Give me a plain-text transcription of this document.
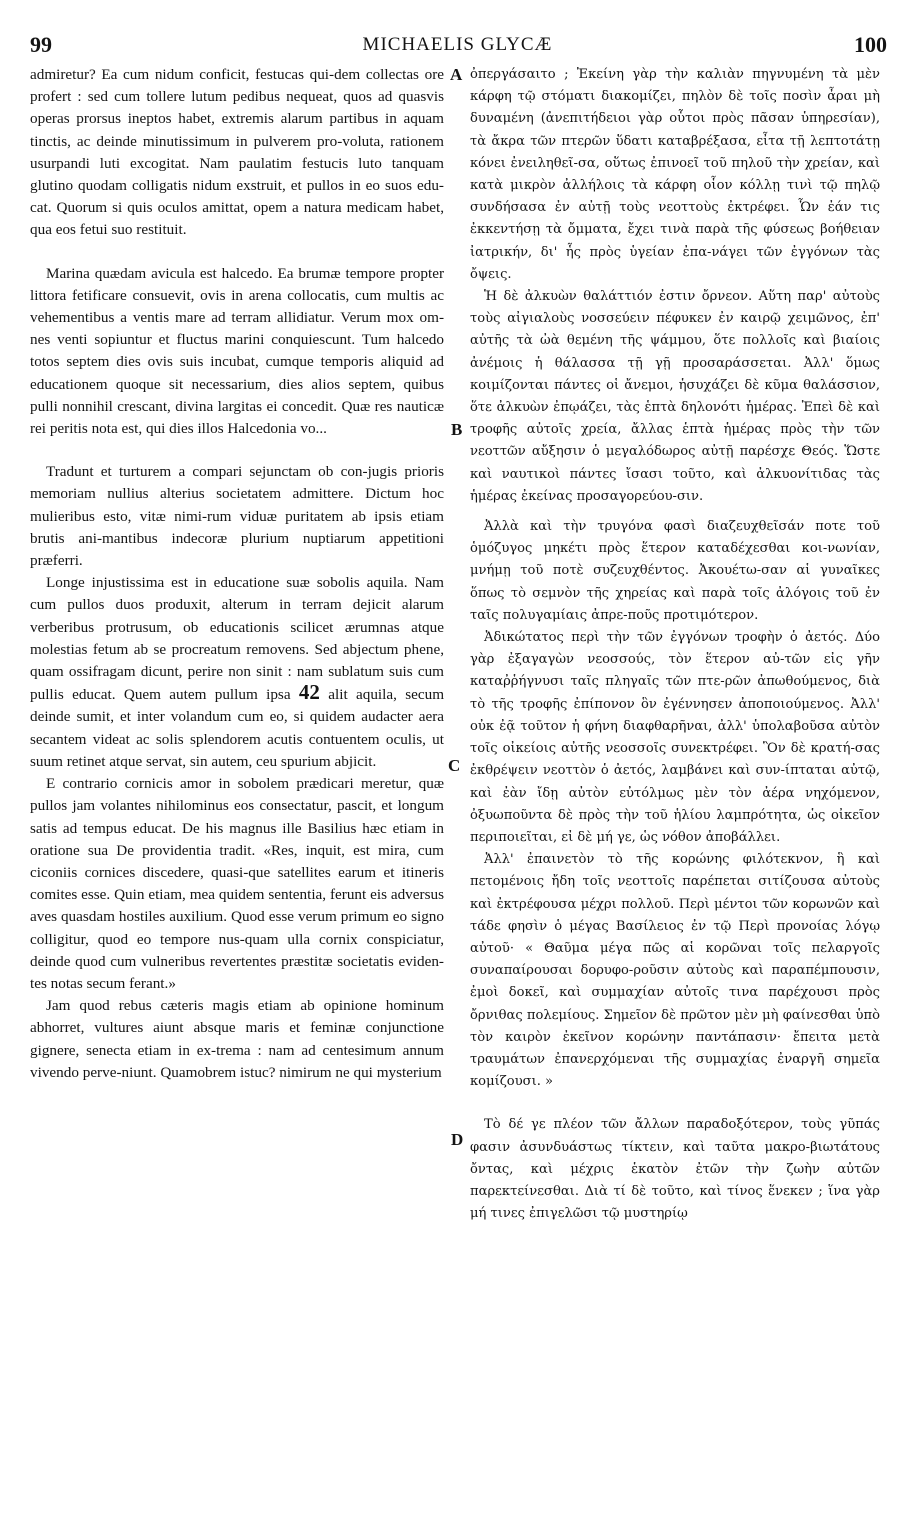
99	MICHAELIS GLYCÆ	100
A
B
C
D

admiretur? Ea cum nidum conficit, festucas qui-dem collectas ore profert : sed cum tollere lutum pedibus nequeat, quos ad quasvis operas prorsus ineptos habet, extremis alarum partibus in aquam tinctis, ac deinde minutissimum in pulverem pro-voluta, rationem usurpandi luti excogitat. Nam paulatim festucis luto tanquam glutino quodam colligatis nidum exstruit, et pullos in eo suos edu-cat. Quorum si quis oculos amittat, opem a natura medicam habet, qua eos fetui suo restituit.

Marina quædam avicula est halcedo. Ea brumæ tempore propter littora fetificare consuevit, ovis in arena collocatis, cum multis ac vehementibus a ventis mare ad terram allidiatur. Verum mox om-nes venti sopiuntur et fluctus marini conquiescunt. Tum halcedo totos septem dies ovis suis incubat, cumque temporis aliquid ad educationem quoque sit necessarium, dies alios septem, quibus pulli nonnihil crescant, divina largitas ei concedit. Quæ res nauticæ rei peritis nota est, qui dies illos Halcedonia vo...

Tradunt et turturem a compari sejunctam ob con-jugis prioris memoriam nullius alterius societatem admittere. Dictum hoc mulieribus esto, vitæ nimi-rum viduæ puritatem ab ipsis etiam brutis ani-mantibus indecoræ plurium nuptiarum appetitioni præferri.

Longe injustissima est in educatione suæ sobolis aquila. Nam cum pullos duos produxit, alterum in terram dejicit alarum verberibus protrusum, ob educationis scilicet ærumnas atque molestias fetum ab se procreatum removens. Sed abjectum phene, quam ossifragam dicunt, perire non sinit : nam sublatum suis cum pullis educat. Quem autem pullum ipsa 42 alit aquila, secum deinde sumit, et inter volandum cum eo, si quidem audacter aera secantem videat ac solis splendorem acutis contuentem oculis, ut suum retinet atque servat, sin autem, ceu spurium abjicit.

E contrario cornicis amor in sobolem prædicari meretur, quæ pullos jam volantes nihilominus eos consectatur, pascit, et longum satis ad tempus educat. De his magnus ille Basilius hæc etiam in oratione sua De providentia tradit. «Res, inquit, est mira, cum ciconiis cornices discedere, quasi-que satellites earum et itineris comites esse. Quin etiam, mea quidem sententia, ferunt eis adversus aves quasdam hostiles auxilium. Quod esse verum primum eo signo colligitur, quod eo tempore nus-quam ulla cornix conspiciatur, deinde quod cum vulneribus revertentes præstitæ societatis eviden-tes notas secum ferant.»

Jam quod rebus cæteris magis etiam ab opinione hominum abhorret, vultures aiunt absque maris et feminæ conjunctione gignere, senecta etiam in ex-trema : nam ad centesimum annum vivendo perve-niunt. Quamobrem istuc? nimirum ne qui mysterium

ὀπεργάσαιτο ; Ἐκείνη γὰρ τὴν καλιὰν πηγνυμένη τὰ μὲν κάρφη τῷ στόματι διακομίζει, πηλὸν δὲ τοῖς ποσὶν ἆραι μὴ δυναμένη (ἀνεπιτήδειοι γὰρ οὗτοι πρὸς πᾶσαν ὑπηρεσίαν), τὰ ἄκρα τῶν πτερῶν ὕδατι καταβρέξασα, εἶτα τῇ λεπτοτάτῃ κόνει ἐνειληθεῖ-σα, οὕτως ἐπινοεῖ τοῦ πηλοῦ τὴν χρείαν, καὶ κατὰ μικρὸν ἀλλήλοις τὰ κάρφη οἷον κόλλῃ τινὶ τῷ πηλῷ συνδήσασα ἐν αὐτῇ τοὺς νεοττοὺς ἐκτρέφει. Ὧν ἐάν τις ἐκκεντήσῃ τὰ ὄμματα, ἔχει τινὰ παρὰ τῆς φύσεως βοήθειαν ἰατρικήν, δι' ἧς πρὸς ὑγείαν ἐπα-νάγει τῶν ἐγγόνων τὰς ὄψεις.

Ἡ δὲ ἀλκυὼν θαλάττιόν ἐστιν ὄρνεον. Αὕτη παρ' αὐτοὺς τοὺς αἰγιαλοὺς νοσσεύειν πέφυκεν ἐν καιρῷ χειμῶνος, ἐπ' αὐτῆς τὰ ὠὰ θεμένη τῆς ψάμμου, ὅτε πολλοῖς καὶ βιαίοις ἀνέμοις ἡ θάλασσα τῇ γῇ προσαράσσεται. Ἀλλ' ὅμως κοιμίζονται πάντες οἱ ἄνεμοι, ἡσυχάζει δὲ κῦμα θαλάσσιον, ὅτε ἀλκυὼν ἐπῳάζει, τὰς ἑπτὰ δηλονότι ἡμέρας. Ἐπεὶ δὲ καὶ τροφῆς αὐτοῖς χρεία, ἄλλας ἑπτὰ ἡμέρας πρὸς τὴν τῶν νεοττῶν αὔξησιν ὁ μεγαλόδωρος αὐτῇ παρέσχε Θεός. Ὥστε καὶ ναυτικοὶ πάντες ἴσασι τοῦτο, καὶ ἀλκυονίτιδας τὰς ἡμέρας ἐκείνας προσαγορεύου-σιν.

Ἀλλὰ καὶ τὴν τρυγόνα φασὶ διαζευχθεῖσάν ποτε τοῦ ὁμόζυγος μηκέτι πρὸς ἕτερον καταδέχεσθαι κοι-νωνίαν, μνήμῃ τοῦ ποτὲ συζευχθέντος. Ἀκουέτω-σαν αἱ γυναῖκες ὅπως τὸ σεμνὸν τῆς χηρείας καὶ παρὰ τοῖς ἀλόγοις τοῦ ἐν ταῖς πολυγαμίαις ἀπρε-ποῦς προτιμότερον.

Ἀδικώτατος περὶ τὴν τῶν ἐγγόνων τροφὴν ὁ ἀετός. Δύο γὰρ ἐξαγαγὼν νεοσσούς, τὸν ἕτερον αὐ-τῶν εἰς γῆν καταῤῥήγνυσι ταῖς πληγαῖς τῶν πτε-ρῶν ἀπωθούμενος, διὰ τὸ τῆς τροφῆς ἐπίπονον ὃν ἐγέννησεν ἀποποιούμενος. Ἀλλ' οὐκ ἐᾷ τοῦτον ἡ φήνη διαφθαρῆναι, ἀλλ' ὑπολαβοῦσα αὐτὸν τοῖς οἰκείοις αὐτῆς νεοσσοῖς συνεκτρέφει. Ὃν δὲ κρατή-σας ἐκθρέψειν νεοττὸν ὁ ἀετός, λαμβάνει καὶ συν-ίπταται αὐτῷ, καὶ ἐὰν ἴδῃ αὐτὸν εὐτόλμως μὲν τὸν ἀέρα νηχόμενον, ὀξυωποῦντα δὲ πρὸς τὴν τοῦ ἡλίου λαμπρότητα, ὡς οἰκεῖον περιποιεῖται, εἰ δὲ μή γε, ὡς νόθον ἀποβάλλει.

Ἀλλ' ἐπαινετὸν τὸ τῆς κορώνης φιλότεκνον, ἣ καὶ πετομένοις ἤδη τοῖς νεοττοῖς παρέπεται σιτίζουσα αὐτοὺς καὶ ἐκτρέφουσα μέχρι πολλοῦ. Περὶ μέντοι τῶν κορωνῶν καὶ τάδε φησὶν ὁ μέγας Βασίλειος ἐν τῷ Περὶ προνοίας λόγῳ αὐτοῦ· « Θαῦμα μέγα πῶς αἱ κορῶναι τοῖς πελαργοῖς συναπαίρουσαι δορυφο-ροῦσιν αὐτοὺς καὶ παραπέμπουσιν, ἐμοὶ δοκεῖ, καὶ συμμαχίαν αὐτοῖς τινα παρέχουσι πρὸς ὄρνιθας πολεμίους. Σημεῖον δὲ πρῶτον μὲν μὴ φαίνεσθαι ὑπὸ τὸν καιρὸν ἐκεῖνον κορώνην παντάπασιν· ἔπειτα μετὰ τραυμάτων ἐπανερχόμεναι τῆς συμμαχίας ἐναργῆ σημεῖα κομίζουσι. »

Τὸ δέ γε πλέον τῶν ἄλλων παραδοξότερον, τοὺς γῦπάς φασιν ἀσυνδυάστως τίκτειν, καὶ ταῦτα μακρο-βιωτάτους ὄντας, καὶ μέχρις ἑκατὸν ἐτῶν τὴν ζωὴν αὐτῶν παρεκτείνεσθαι. Διὰ τί δὲ τοῦτο, καὶ τίνος ἕνεκεν ; ἵνα γὰρ μή τινες ἐπιγελῶσι τῷ μυστηρίῳ
